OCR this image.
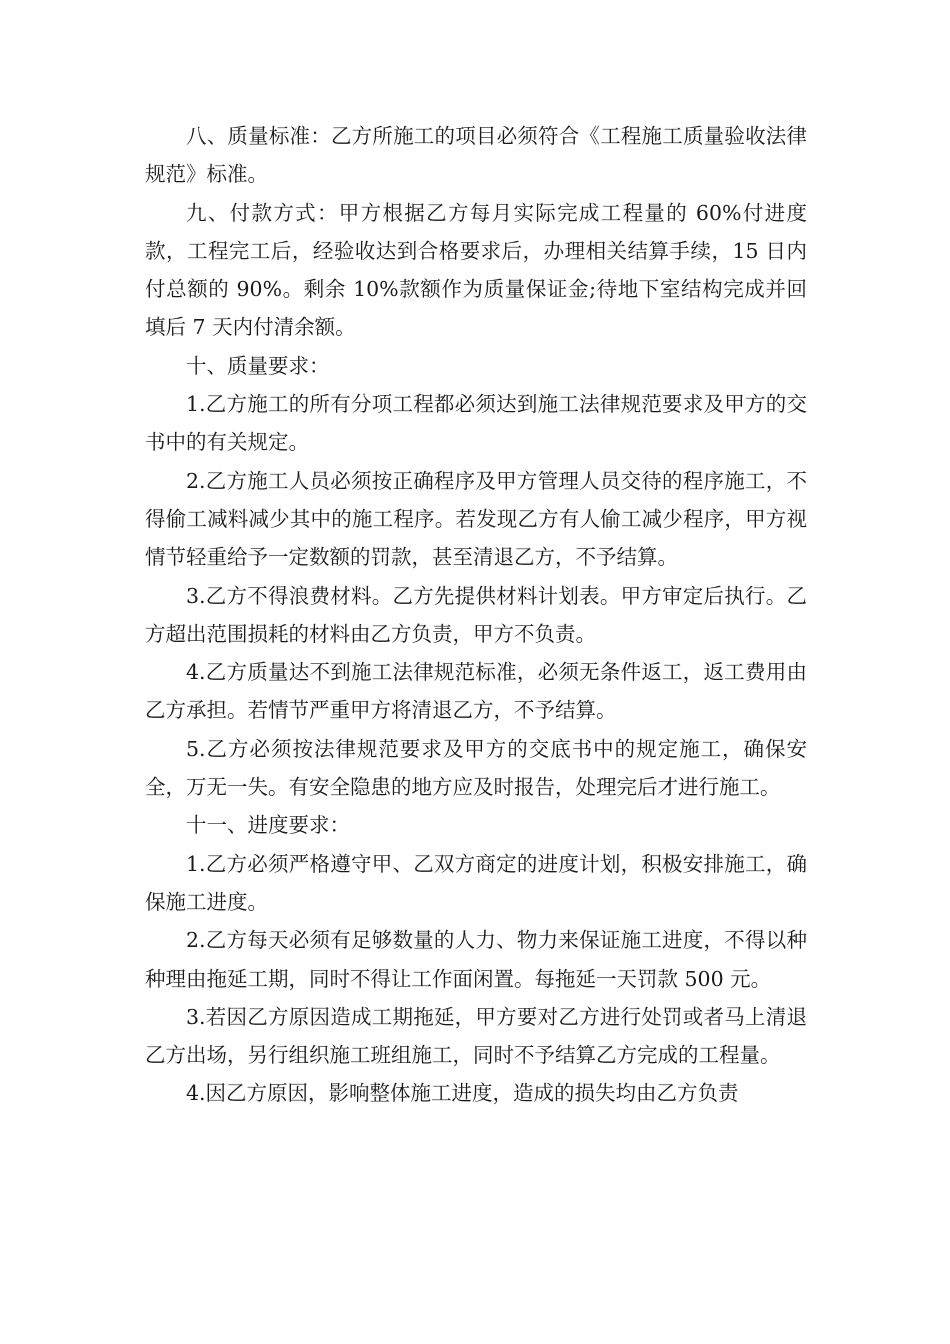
八、质量标准：乙方所施工的项目必须符合《工程施工质量验收法律规范》标准。

九、付款方式：甲方根据乙方每月实际完成工程量的 60%付进度款，工程完工后，经验收达到合格要求后，办理相关结算手续，15 日内付总额的 90%。剩余 10%款额作为质量保证金;待地下室结构完成并回填后 7 天内付清余额。

十、质量要求：

1.乙方施工的所有分项工程都必须达到施工法律规范要求及甲方的交书中的有关规定。

2.乙方施工人员必须按正确程序及甲方管理人员交待的程序施工，不得偷工减料减少其中的施工程序。若发现乙方有人偷工减少程序，甲方视情节轻重给予一定数额的罚款，甚至清退乙方，不予结算。

3.乙方不得浪费材料。乙方先提供材料计划表。甲方审定后执行。乙方超出范围损耗的材料由乙方负责，甲方不负责。

4.乙方质量达不到施工法律规范标准，必须无条件返工，返工费用由乙方承担。若情节严重甲方将清退乙方，不予结算。

5.乙方必须按法律规范要求及甲方的交底书中的规定施工，确保安全，万无一失。有安全隐患的地方应及时报告，处理完后才进行施工。

十一、进度要求：

1.乙方必须严格遵守甲、乙双方商定的进度计划，积极安排施工，确保施工进度。

2.乙方每天必须有足够数量的人力、物力来保证施工进度，不得以种种理由拖延工期，同时不得让工作面闲置。每拖延一天罚款 500 元。

3.若因乙方原因造成工期拖延，甲方要对乙方进行处罚或者马上清退乙方出场，另行组织施工班组施工，同时不予结算乙方完成的工程量。

4.因乙方原因，影响整体施工进度，造成的损失均由乙方负责
